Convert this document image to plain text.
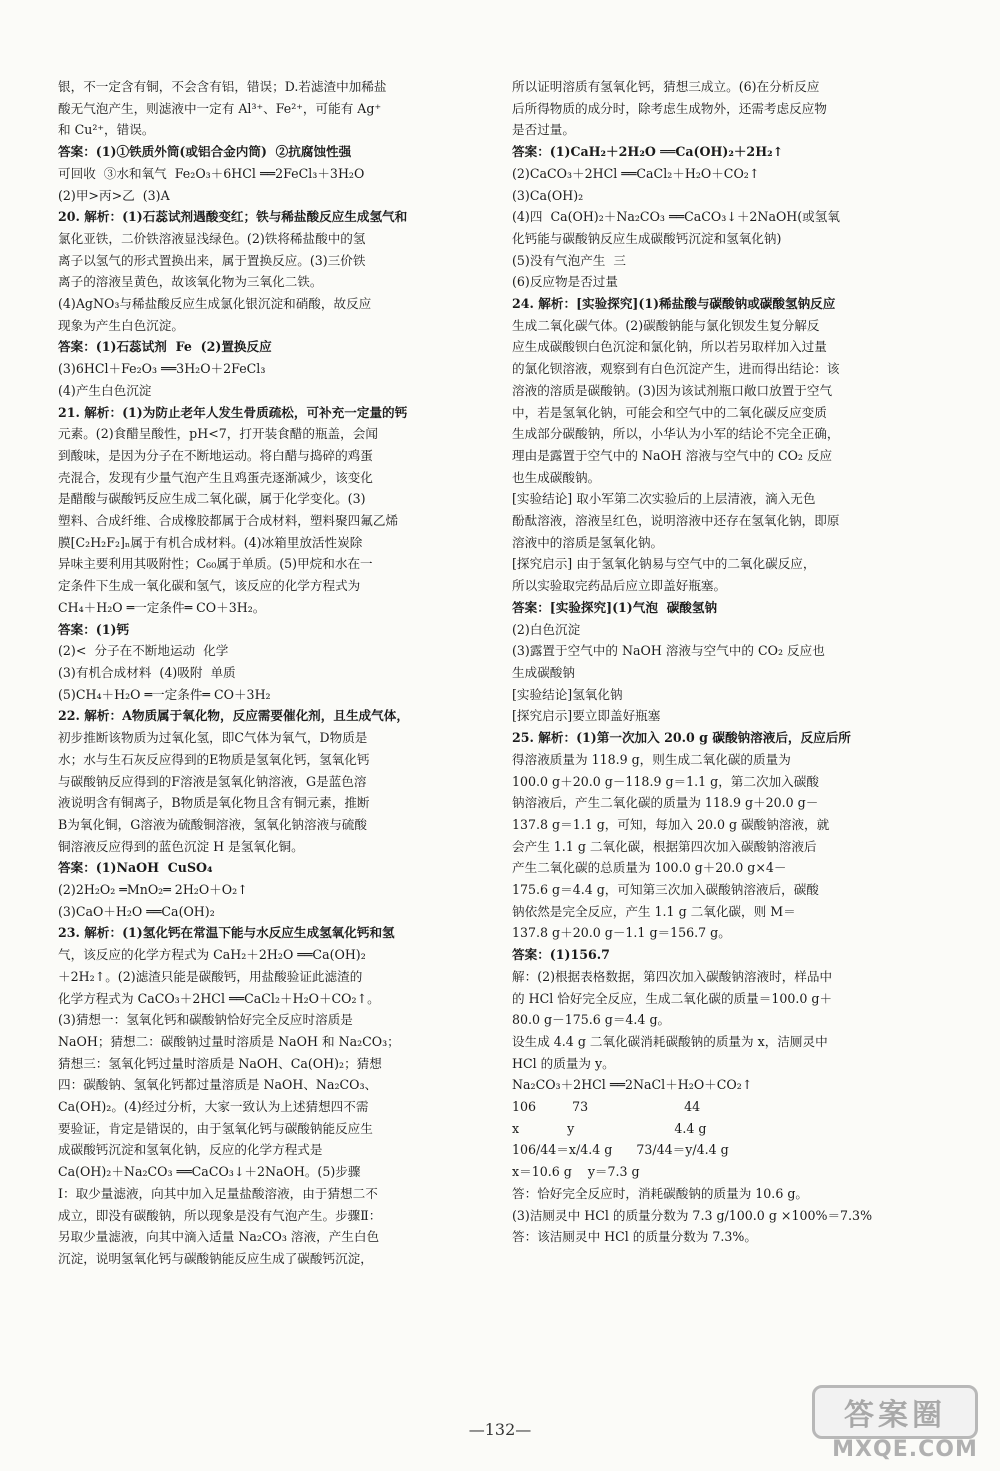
银，不一定含有铜，不会含有铝，错误；D.若滤渣中加稀盐
酸无气泡产生，则滤液中一定有 Al³⁺、Fe²⁺，可能有 Ag⁺
和 Cu²⁺，错误。
答案：(1)①铁质外筒(或铝合金内筒)  ②抗腐蚀性强
可回收  ③水和氧气  Fe₂O₃＋6HCl ══2FeCl₃＋3H₂O
(2)甲>丙>乙  (3)A
20. 解析：(1)石蕊试剂遇酸变红；铁与稀盐酸反应生成氢气和
氯化亚铁，二价铁溶液显浅绿色。(2)铁将稀盐酸中的氢
离子以氢气的形式置换出来，属于置换反应。(3)三价铁
离子的溶液呈黄色，故该氧化物为三氧化二铁。
(4)AgNO₃与稀盐酸反应生成氯化银沉淀和硝酸，故反应
现象为产生白色沉淀。
答案：(1)石蕊试剂  Fe  (2)置换反应
(3)6HCl＋Fe₂O₃ ══3H₂O＋2FeCl₃
(4)产生白色沉淀
21. 解析：(1)为防止老年人发生骨质疏松，可补充一定量的钙
元素。(2)食醋呈酸性，pH<7，打开装食醋的瓶盖，会闻
到酸味，是因为分子在不断地运动。将白醋与捣碎的鸡蛋
壳混合，发现有少量气泡产生且鸡蛋壳逐渐减少，该变化
是醋酸与碳酸钙反应生成二氧化碳，属于化学变化。(3)
塑料、合成纤维、合成橡胶都属于合成材料，塑料聚四氟乙烯
膜[C₂H₂F₂]ₙ属于有机合成材料。(4)冰箱里放活性炭除
异味主要利用其吸附性；C₆₀属于单质。(5)甲烷和水在一
定条件下生成一氧化碳和氢气，该反应的化学方程式为
CH₄＋H₂O ═一定条件═ CO＋3H₂。
答案：(1)钙
(2)<  分子在不断地运动  化学
(3)有机合成材料  (4)吸附  单质
(5)CH₄＋H₂O ═一定条件═ CO＋3H₂
22. 解析：A物质属于氧化物，反应需要催化剂，且生成气体，
初步推断该物质为过氧化氢，即C气体为氧气，D物质是
水；水与生石灰反应得到的E物质是氢氧化钙，氢氧化钙
与碳酸钠反应得到的F溶液是氢氧化钠溶液，G是蓝色溶
液说明含有铜离子，B物质是氧化物且含有铜元素，推断
B为氧化铜，G溶液为硫酸铜溶液，氢氧化钠溶液与硫酸
铜溶液反应得到的蓝色沉淀 H 是氢氧化铜。
答案：(1)NaOH  CuSO₄
(2)2H₂O₂ ═MnO₂═ 2H₂O＋O₂↑
(3)CaO＋H₂O ══Ca(OH)₂
23. 解析：(1)氢化钙在常温下能与水反应生成氢氧化钙和氢
气，该反应的化学方程式为 CaH₂＋2H₂O ══Ca(OH)₂
＋2H₂↑。(2)滤渣只能是碳酸钙，用盐酸验证此滤渣的
化学方程式为 CaCO₃＋2HCl ══CaCl₂＋H₂O＋CO₂↑。
(3)猜想一：氢氧化钙和碳酸钠恰好完全反应时溶质是
NaOH；猜想二：碳酸钠过量时溶质是 NaOH 和 Na₂CO₃；
猜想三：氢氧化钙过量时溶质是 NaOH、Ca(OH)₂；猜想
四：碳酸钠、氢氧化钙都过量溶质是 NaOH、Na₂CO₃、
Ca(OH)₂。(4)经过分析，大家一致认为上述猜想四不需
要验证，肯定是错误的，由于氢氧化钙与碳酸钠能反应生
成碳酸钙沉淀和氢氧化钠，反应的化学方程式是
Ca(OH)₂＋Na₂CO₃ ══CaCO₃↓＋2NaOH。(5)步骤
Ⅰ：取少量滤液，向其中加入足量盐酸溶液，由于猜想二不
成立，即没有碳酸钠，所以现象是没有气泡产生。步骤Ⅱ：
另取少量滤液，向其中滴入适量 Na₂CO₃ 溶液，产生白色
沉淀，说明氢氧化钙与碳酸钠能反应生成了碳酸钙沉淀，
所以证明溶质有氢氧化钙，猜想三成立。(6)在分析反应
后所得物质的成分时，除考虑生成物外，还需考虑反应物
是否过量。
答案：(1)CaH₂＋2H₂O ══Ca(OH)₂＋2H₂↑
(2)CaCO₃＋2HCl ══CaCl₂＋H₂O＋CO₂↑
(3)Ca(OH)₂
(4)四  Ca(OH)₂＋Na₂CO₃ ══CaCO₃↓＋2NaOH(或氢氧
化钙能与碳酸钠反应生成碳酸钙沉淀和氢氧化钠)
(5)没有气泡产生  三
(6)反应物是否过量
24. 解析：[实验探究](1)稀盐酸与碳酸钠或碳酸氢钠反应
生成二氧化碳气体。(2)碳酸钠能与氯化钡发生复分解反
应生成碳酸钡白色沉淀和氯化钠，所以若另取样加入过量
的氯化钡溶液，观察到有白色沉淀产生，进而得出结论：该
溶液的溶质是碳酸钠。(3)因为该试剂瓶口敞口放置于空气
中，若是氢氧化钠，可能会和空气中的二氧化碳反应变质
生成部分碳酸钠，所以，小华认为小军的结论不完全正确，
理由是露置于空气中的 NaOH 溶液与空气中的 CO₂ 反应
也生成碳酸钠。
[实验结论] 取小军第二次实验后的上层清液，滴入无色
酚酞溶液，溶液呈红色，说明溶液中还存在氢氧化钠，即原
溶液中的溶质是氢氧化钠。
[探究启示] 由于氢氧化钠易与空气中的二氧化碳反应，
所以实验取完药品后应立即盖好瓶塞。
答案：[实验探究](1)气泡  碳酸氢钠
(2)白色沉淀
(3)露置于空气中的 NaOH 溶液与空气中的 CO₂ 反应也
生成碳酸钠
[实验结论]氢氧化钠
[探究启示]要立即盖好瓶塞
25. 解析：(1)第一次加入 20.0 g 碳酸钠溶液后，反应后所
得溶液质量为 118.9 g，则生成二氧化碳的质量为
100.0 g＋20.0 g－118.9 g＝1.1 g，第二次加入碳酸
钠溶液后，产生二氧化碳的质量为 118.9 g＋20.0 g－
137.8 g＝1.1 g，可知，每加入 20.0 g 碳酸钠溶液，就
会产生 1.1 g 二氧化碳，根据第四次加入碳酸钠溶液后
产生二氧化碳的总质量为 100.0 g＋20.0 g×4－
175.6 g＝4.4 g，可知第三次加入碳酸钠溶液后，碳酸
钠依然是完全反应，产生 1.1 g 二氧化碳，则 M＝
137.8 g＋20.0 g－1.1 g＝156.7 g。
答案：(1)156.7
解：(2)根据表格数据，第四次加入碳酸钠溶液时，样品中
的 HCl 恰好完全反应，生成二氧化碳的质量＝100.0 g＋
80.0 g－175.6 g＝4.4 g。
设生成 4.4 g 二氧化碳消耗碳酸钠的质量为 x，洁厕灵中
HCl 的质量为 y。
Na₂CO₃＋2HCl ══2NaCl＋H₂O＋CO₂↑
106         73                        44
x            y                         4.4 g
106/44＝x/4.4 g      73/44＝y/4.4 g
x＝10.6 g    y＝7.3 g
答：恰好完全反应时，消耗碳酸钠的质量为 10.6 g。
(3)洁厕灵中 HCl 的质量分数为 7.3 g/100.0 g ×100%＝7.3%
答：该洁厕灵中 HCl 的质量分数为 7.3%。
—132—	答案圈
MXQE.COM
